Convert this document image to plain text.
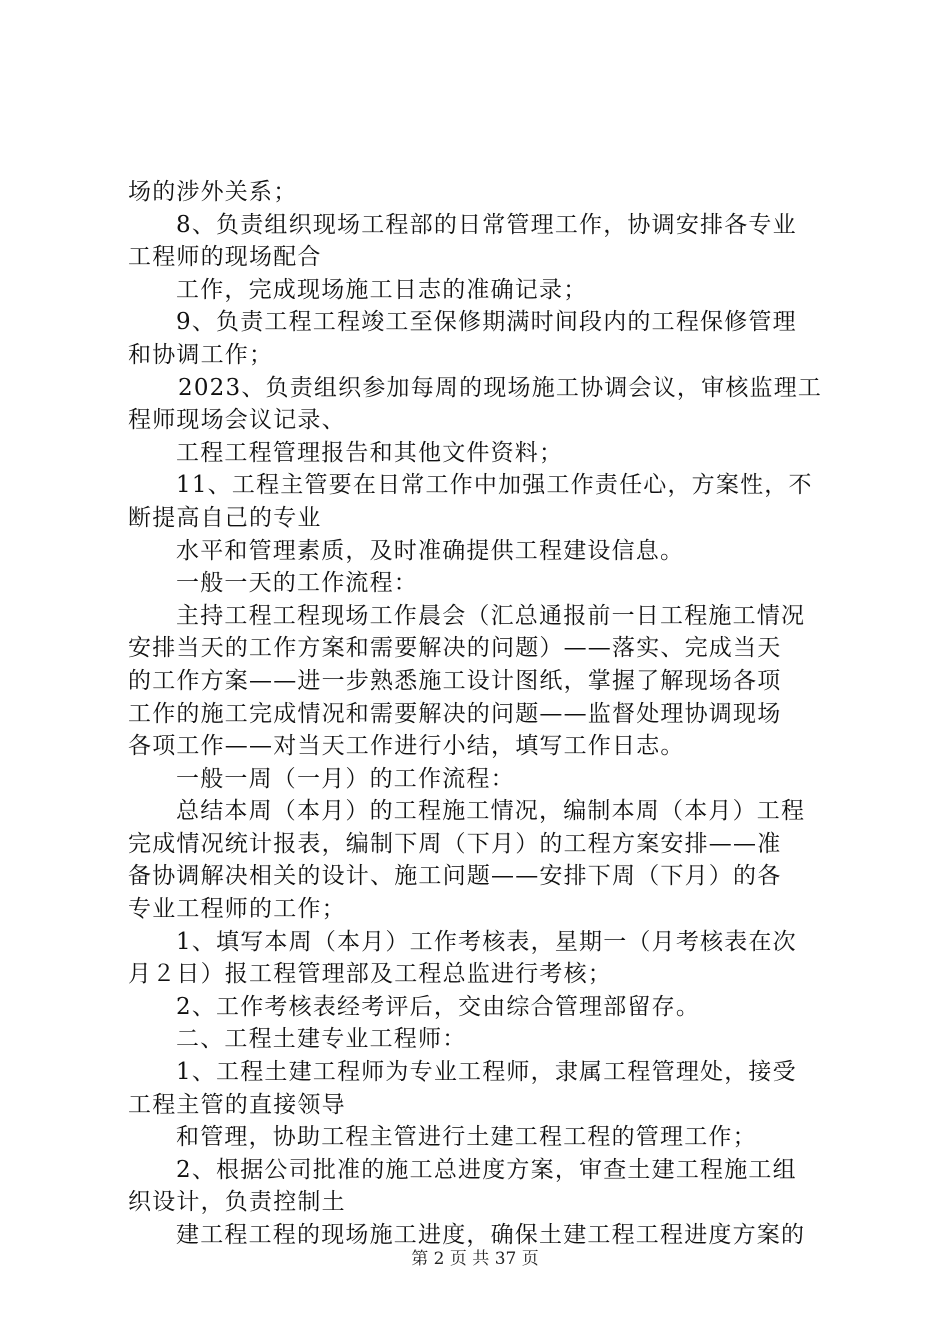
场的涉外关系；
8、负责组织现场工程部的日常管理工作，协调安排各专业
工程师的现场配合
工作，完成现场施工日志的准确记录；
9、负责工程工程竣工至保修期满时间段内的工程保修管理
和协调工作；
2023、负责组织参加每周的现场施工协调会议，审核监理工
程师现场会议记录、
工程工程管理报告和其他文件资料；
11、工程主管要在日常工作中加强工作责任心，方案性，不
断提高自己的专业
水平和管理素质，及时准确提供工程建设信息。
一般一天的工作流程：
主持工程工程现场工作晨会（汇总通报前一日工程施工情况
安排当天的工作方案和需要解决的问题）——落实、完成当天
的工作方案——进一步熟悉施工设计图纸，掌握了解现场各项
工作的施工完成情况和需要解决的问题——监督处理协调现场
各项工作——对当天工作进行小结，填写工作日志。
一般一周（一月）的工作流程：
总结本周（本月）的工程施工情况，编制本周（本月）工程
完成情况统计报表，编制下周（下月）的工程方案安排——准
备协调解决相关的设计、施工问题——安排下周（下月）的各
专业工程师的工作；
1、填写本周（本月）工作考核表，星期一（月考核表在次
月２日）报工程管理部及工程总监进行考核；
2、工作考核表经考评后，交由综合管理部留存。
二、工程土建专业工程师：
1、工程土建工程师为专业工程师，隶属工程管理处，接受
工程主管的直接领导
和管理，协助工程主管进行土建工程工程的管理工作；
2、根据公司批准的施工总进度方案，审查土建工程施工组
织设计，负责控制土
建工程工程的现场施工进度，确保土建工程工程进度方案的
第 2 页 共 37 页
